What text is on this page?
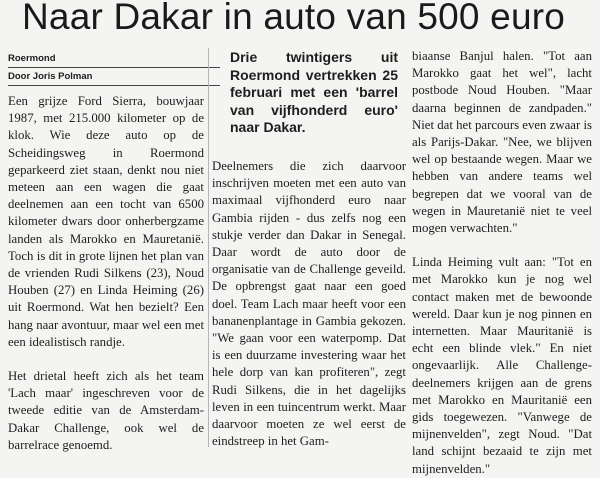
Naar Dakar in auto van 500 euro
Roermond
Door Joris Polman
Drie twintigers uit Roermond vertrekken 25 februari met een 'barrel van vijfhonderd euro' naar Dakar.

Een grijze Ford Sierra, bouwjaar 1987, met 215.000 kilometer op de klok. Wie deze auto op de Scheidingsweg in Roermond geparkeerd ziet staan, denkt nou niet meteen aan een wagen die gaat deelnemen aan een tocht van 6500 kilometer dwars door onherbergzame landen als Marokko en Mauretanië. Toch is dit in grote lijnen het plan van de vrienden Rudi Silkens (23), Noud Houben (27) en Linda Heiming (26) uit Roermond. Wat hen bezielt? Een hang naar avontuur, maar wel een met een idealistisch randje.

Het drietal heeft zich als het team 'Lach maar' ingeschreven voor de tweede editie van de Amsterdam-Dakar Challenge, ook wel de barrelrace genoemd.

Deelnemers die zich daarvoor inschrijven moeten met een auto van maximaal vijfhonderd euro naar Gambia rijden - dus zelfs nog een stukje verder dan Dakar in Senegal. Daar wordt de auto door de organisatie van de Challenge geveild. De opbrengst gaat naar een goed doel. Team Lach maar heeft voor een bananenplantage in Gambia gekozen. "We gaan voor een waterpomp. Dat is een duurzame investering waar het hele dorp van kan profiteren", zegt Rudi Silkens, die in het dagelijks leven in een tuincentrum werkt. Maar daarvoor moeten ze wel eerst de eindstreep in het Gam-

biaanse Banjul halen. "Tot aan Marokko gaat het wel", lacht postbode Noud Houben. "Maar daarna beginnen de zandpaden." Niet dat het parcours even zwaar is als Parijs-Dakar. "Nee, we blijven wel op bestaande wegen. Maar we hebben van andere teams wel begrepen dat we vooral van de wegen in Mauretanië niet te veel mogen verwachten."

Linda Heiming vult aan: "Tot en met Marokko kun je nog wel contact maken met de bewoonde wereld. Daar kun je nog pinnen en internetten. Maar Mauritanië is echt een blinde vlek." En niet ongevaarlijk. Alle Challenge-deelnemers krijgen aan de grens met Marokko en Mauritanië een gids toegewezen. "Vanwege de mijnenvelden", zegt Noud. "Dat land schijnt bezaaid te zijn met mijnenvelden."
